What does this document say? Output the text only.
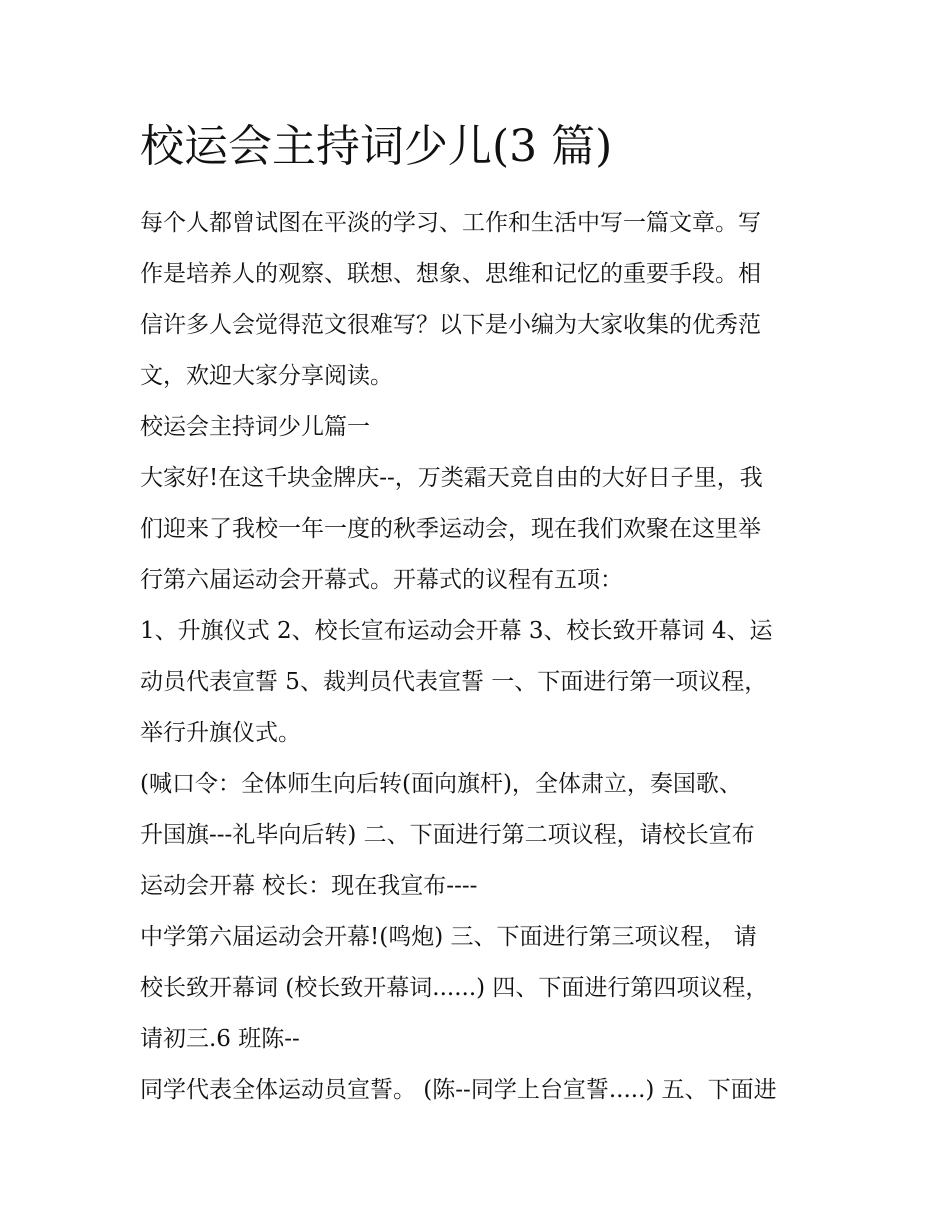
校运会主持词少儿(3 篇)
每个人都曾试图在平淡的学习、工作和生活中写一篇文章。写
作是培养人的观察、联想、想象、思维和记忆的重要手段。相
信许多人会觉得范文很难写？以下是小编为大家收集的优秀范
文，欢迎大家分享阅读。
校运会主持词少儿篇一
大家好!在这千块金牌庆--，万类霜天竞自由的大好日子里，我
们迎来了我校一年一度的秋季运动会，现在我们欢聚在这里举
行第六届运动会开幕式。开幕式的议程有五项：
1、升旗仪式 2、校长宣布运动会开幕 3、校长致开幕词 4、运
动员代表宣誓 5、裁判员代表宣誓 一、下面进行第一项议程，
举行升旗仪式。
(喊口令：全体师生向后转(面向旗杆)，全体肃立，奏国歌、
升国旗---礼毕向后转) 二、下面进行第二项议程，请校长宣布
运动会开幕 校长：现在我宣布----
中学第六届运动会开幕!(鸣炮) 三、下面进行第三项议程， 请
校长致开幕词 (校长致开幕词......) 四、下面进行第四项议程，
请初三.6 班陈--
同学代表全体运动员宣誓。 (陈--同学上台宣誓.....) 五、下面进
